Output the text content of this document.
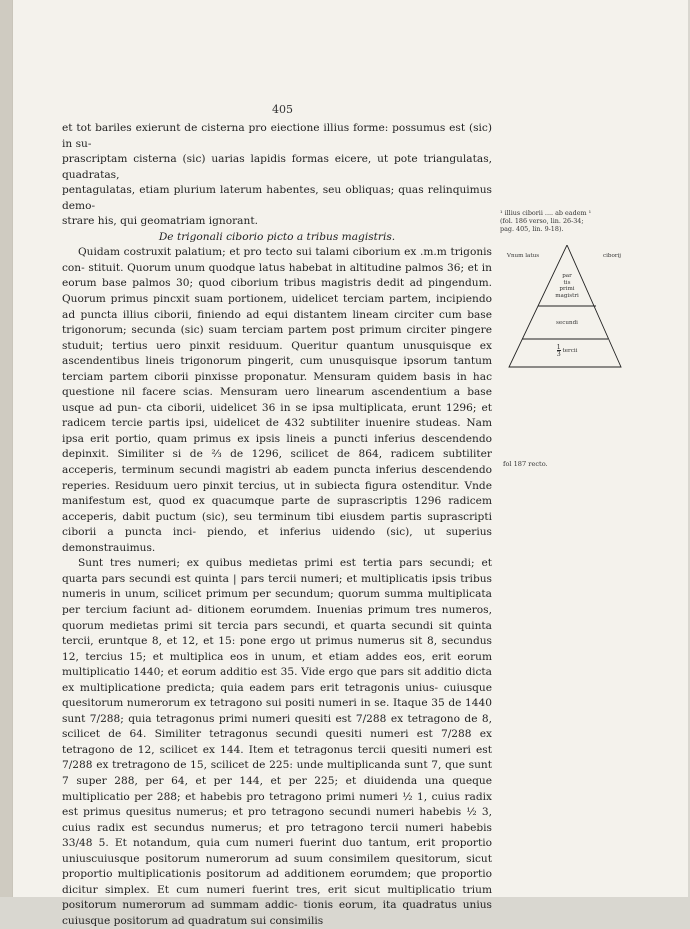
405

et tot bariles exierunt de cisterna pro eiectione illius forme: possumus est (sic) in su-

prascriptam cisterna (sic) uarias lapidis formas eicere, ut pote triangulatas, quadratas,

pentagulatas, etiam plurium laterum habentes, seu obliquas; quas relinquimus demo-

strare his, qui geomatriam ignorant.

De trigonali ciborio picto a tribus magistris.

Quidam costruxit palatium; et pro tecto sui talami ciborium ex .m.m trigonis con- stituit. Quorum unum quodque latus habebat in altitudine palmos 36; et in eorum base palmos 30; quod ciborium tribus magistris dedit ad pingendum. Quorum primus pincxit suam portionem, uidelicet terciam partem, incipiendo ad puncta illius ciborii, finiendo ad equi distantem lineam circiter cum base trigonorum; secunda (sic) suam terciam partem post primum circiter pingere studuit; tertius uero pinxit residuum. Queritur quantum unusquisque ex ascendentibus lineis trigonorum pingerit, cum unusquisque ipsorum tantum terciam partem ciborii pinxisse proponatur. Mensuram quidem basis in hac questione nil facere scias. Mensuram uero linearum ascendentium a base usque ad pun- cta ciborii, uidelicet 36 in se ipsa multiplicata, erunt 1296; et radicem tercie partis ipsi, uidelicet de 432 subtiliter inuenire studeas. Nam ipsa erit portio, quam primus ex ipsis lineis a puncti inferius descendendo depinxit. Similiter si de ⅔ de 1296, scilicet de 864, radicem subtiliter acceperis, terminum secundi magistri ab eadem puncta inferius descendendo reperies. Residuum uero pinxit tercius, ut in subiecta figura ostenditur. Vnde manifestum est, quod ex quacumque parte de suprascriptis 1296 radicem acceperis, dabit puctum (sic), seu terminum tibi eiusdem partis suprascripti ciborii a puncta inci- piendo, et inferius uidendo (sic), ut superius demonstrauimus.

Sunt tres numeri; ex quibus medietas primi est tertia pars secundi; et quarta pars secundi est quinta | pars tercii numeri; et multiplicatis ipsis tribus numeris in unum, scilicet primum per secundum; quorum summa multiplicata per tercium faciunt ad- ditionem eorumdem. Inuenias primum tres numeros, quorum medietas primi sit tercia pars secundi, et quarta secundi sit quinta tercii, eruntque 8, et 12, et 15: pone ergo ut primus numerus sit 8, secundus 12, tercius 15; et multiplica eos in unum, et etiam addes eos, erit eorum multiplicatio 1440; et eorum additio est 35. Vide ergo que pars sit additio dicta ex multiplicatione predicta; quia eadem pars erit tetragonis unius- cuiusque quesitorum numerorum ex tetragono sui positi numeri in se. Itaque 35 de 1440 sunt 7/288; quia tetragonus primi numeri quesiti est 7/288 ex tetragono de 8, scilicet de 64. Similiter tetragonus secundi quesiti numeri est 7/288 ex tetragono de 12, scilicet ex 144. Item et tetragonus tercii quesiti numeri est 7/288 ex tretragono de 15, scilicet de 225: unde multiplicanda sunt 7, que sunt 7 super 288, per 64, et per 144, et per 225; et diuidenda una queque multiplicatio per 288; et habebis pro tetragono primi numeri ½ 1, cuius radix est primus quesitus numerus; et pro tetragono secundi numeri habebis ½ 3, cuius radix est secundus numerus; et pro tetragono tercii numeri habebis 33/48 5. Et notandum, quia cum numeri fuerint duo tantum, erit proportio uniuscuiusque positorum numerorum ad suum consimilem quesitorum, sicut proportio multiplicationis positorum ad additionem eorumdem; que proportio dicitur simplex. Et cum numeri fuerint tres, erit sicut multiplicatio trium positorum numerorum ad summam addic- tionis eorum, ita quadratus unius cuiusque positorum ad quadratum sui consimilis

¹ illius ciborii .... ab eadem ¹
(fol. 186 verso, lin. 26-34;
pag. 405, lin. 9-18).
Vnum latus	ciborij
par
tis
primi
magistri
secundi
$\frac{1}{3}$ tercii
fol 187 recto.
